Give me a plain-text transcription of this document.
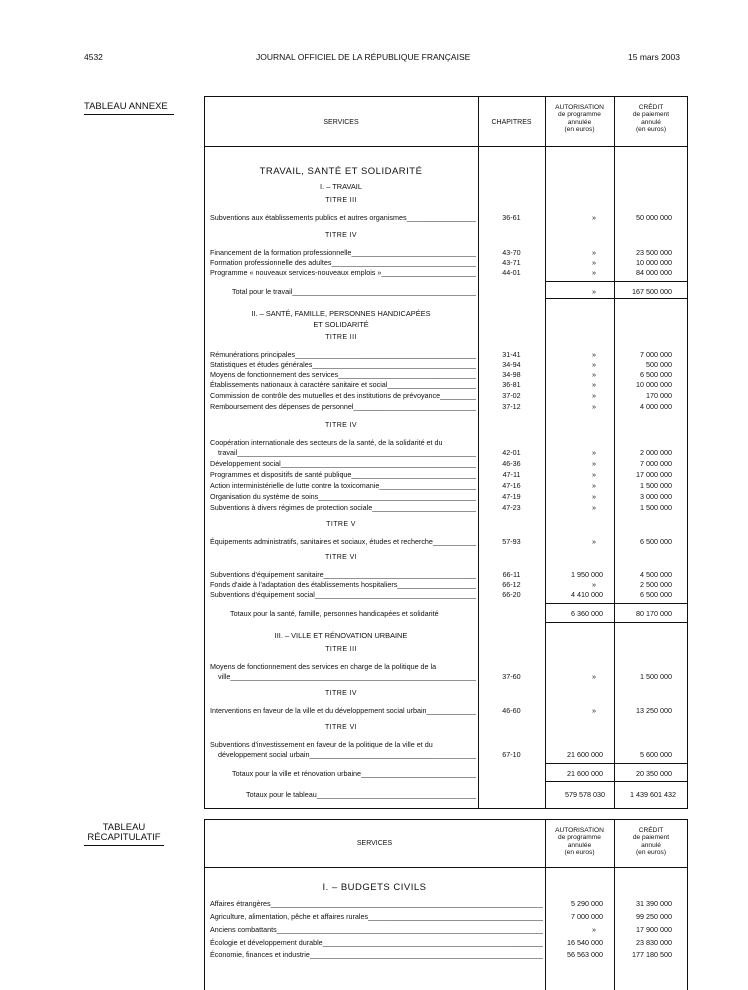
4532	JOURNAL OFFICIEL DE LA RÉPUBLIQUE FRANÇAISE	15 mars 2003
TABLEAU ANNEXE
SERVICES	CHAPITRES
AUTORISATION
de programme
annulée
(en euros)
CRÉDIT
de paiement
annulé
(en euros)
TRAVAIL, SANTÉ ET SOLIDARITÉ
I. – TRAVAIL
TITRE III
Subventions aux établissements publics et autres organismes _____	36-61	»	50 000 000
TITRE IV
Financement de la formation professionnelle _____	43-70	»	23 500 000
Formation professionnelle des adultes _____	43-71	»	10 000 000
Programme « nouveaux services-nouveaux emplois » _____	44-01	»	84 000 000
Total pour le travail _____	»	167 500 000
II. – SANTÉ, FAMILLE, PERSONNES HANDICAPÉES
ET SOLIDARITÉ
TITRE III
Rémunérations principales _____	31-41	»	7 000 000
Statistiques et études générales _____	34-94	»	500 000
Moyens de fonctionnement des services _____	34-98	»	6 500 000
Établissements nationaux à caractère sanitaire et social _____	36-81	»	10 000 000
Commission de contrôle des mutuelles et des institutions de prévoyance _____	37-02	»	170 000
Remboursement des dépenses de personnel _____	37-12	»	4 000 000
TITRE IV
Coopération internationale des secteurs de la santé, de la solidarité et du
travail _____	42-01	»	2 000 000
Développement social _____	46-36	»	7 000 000
Programmes et dispositifs de santé publique _____	47-11	»	17 000 000
Action interministérielle de lutte contre la toxicomanie _____	47-16	»	1 500 000
Organisation du système de soins _____	47-19	»	3 000 000
Subventions à divers régimes de protection sociale _____	47-23	»	1 500 000
TITRE V
Équipements administratifs, sanitaires et sociaux, études et recherche _____	57-93	»	6 500 000
TITRE VI
Subventions d'équipement sanitaire _____	66-11	1 950 000	4 500 000
Fonds d'aide à l'adaptation des établissements hospitaliers _____	66-12	»	2 500 000
Subventions d'équipement social _____	66-20	4 410 000	6 500 000
Totaux pour la santé, famille, personnes handicapées et solidarité	6 360 000	80 170 000
III. – VILLE ET RÉNOVATION URBAINE
TITRE III
Moyens de fonctionnement des services en charge de la politique de la
ville _____	37-60	»	1 500 000
TITRE IV
Interventions en faveur de la ville et du développement social urbain _____	46-60	»	13 250 000
TITRE VI
Subventions d'investissement en faveur de la politique de la ville et du
développement social urbain _____	67-10	21 600 000	5 600 000
Totaux pour la ville et rénovation urbaine _____	21 600 000	20 350 000
Totaux pour le tableau _____	579 578 030	1 439 601 432
TABLEAU
RÉCAPITULATIF
SERVICES
AUTORISATION
de programme
annulée
(en euros)
CRÉDIT
de paiement
annulé
(en euros)
I. – BUDGETS CIVILS
Affaires étrangères _____	5 290 000	31 390 000
Agriculture, alimentation, pêche et affaires rurales _____	7 000 000	99 250 000
Anciens combattants _____	»	17 900 000
Écologie et développement durable _____	16 540 000	23 830 000
Économie, finances et industrie _____	56 563 000	177 180 500
